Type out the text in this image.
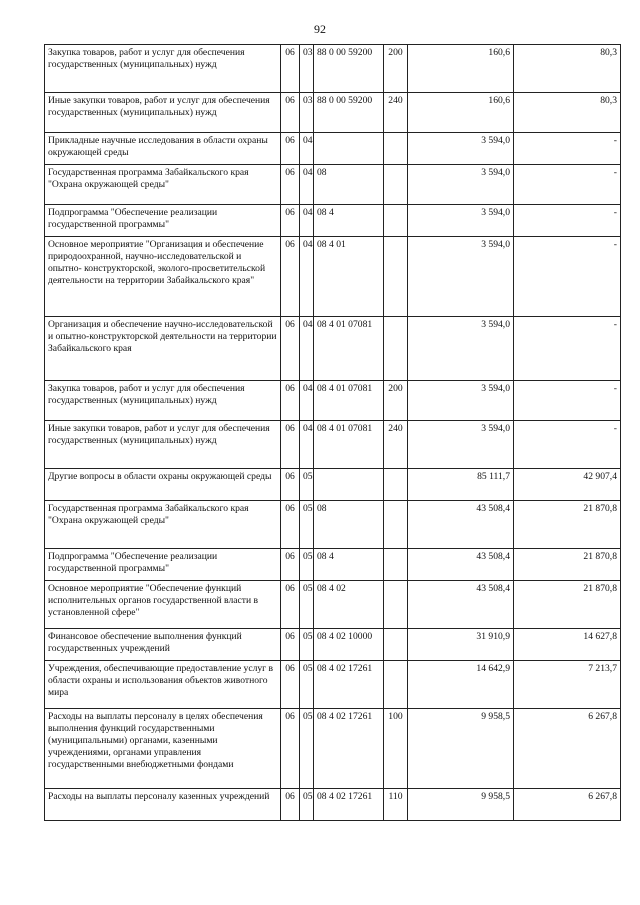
92
Закупка товаров, работ и услуг для обеспечения государственных (муниципальных) нужд	06	03	88 0 00 59200	200	160,6	80,3
Иные закупки товаров, работ и услуг для обеспечения государственных (муниципальных) нужд	06	03	88 0 00 59200	240	160,6	80,3
Прикладные научные исследования в области охраны окружающей среды	06	04			3 594,0	-
Государственная программа Забайкальского края "Охрана окружающей среды"	06	04	08		3 594,0	-
Подпрограмма "Обеспечение реализации государственной программы"	06	04	08 4		3 594,0	-
Основное мероприятие "Организация и обеспечение природоохранной, научно-исследовательской и опытно- конструкторской, эколого-просветительской деятельности на территории Забайкальского края"	06	04	08 4 01		3 594,0	-
Организация и обеспечение научно-исследовательской и опытно-конструкторской деятельности на территории Забайкальского края	06	04	08 4 01 07081		3 594,0	-
Закупка товаров, работ и услуг для обеспечения государственных (муниципальных) нужд	06	04	08 4 01 07081	200	3 594,0	-
Иные закупки товаров, работ и услуг для обеспечения государственных (муниципальных) нужд	06	04	08 4 01 07081	240	3 594,0	-
Другие вопросы в области охраны окружающей среды	06	05			85 111,7	42 907,4
Государственная программа Забайкальского края "Охрана окружающей среды"	06	05	08		43 508,4	21 870,8
Подпрограмма "Обеспечение реализации государственной программы"	06	05	08 4		43 508,4	21 870,8
Основное мероприятие "Обеспечение функций исполнительных органов государственной власти в установленной сфере"	06	05	08 4 02		43 508,4	21 870,8
Финансовое обеспечение выполнения функций государственных учреждений	06	05	08 4 02 10000		31 910,9	14 627,8
Учреждения, обеспечивающие предоставление услуг в области охраны и использования объектов животного мира	06	05	08 4 02 17261		14 642,9	7 213,7
Расходы на выплаты персоналу в целях обеспечения выполнения функций государственными (муниципальными) органами, казенными учреждениями, органами управления государственными внебюджетными фондами	06	05	08 4 02 17261	100	9 958,5	6 267,8
Расходы на выплаты персоналу казенных учреждений	06	05	08 4 02 17261	110	9 958,5	6 267,8
